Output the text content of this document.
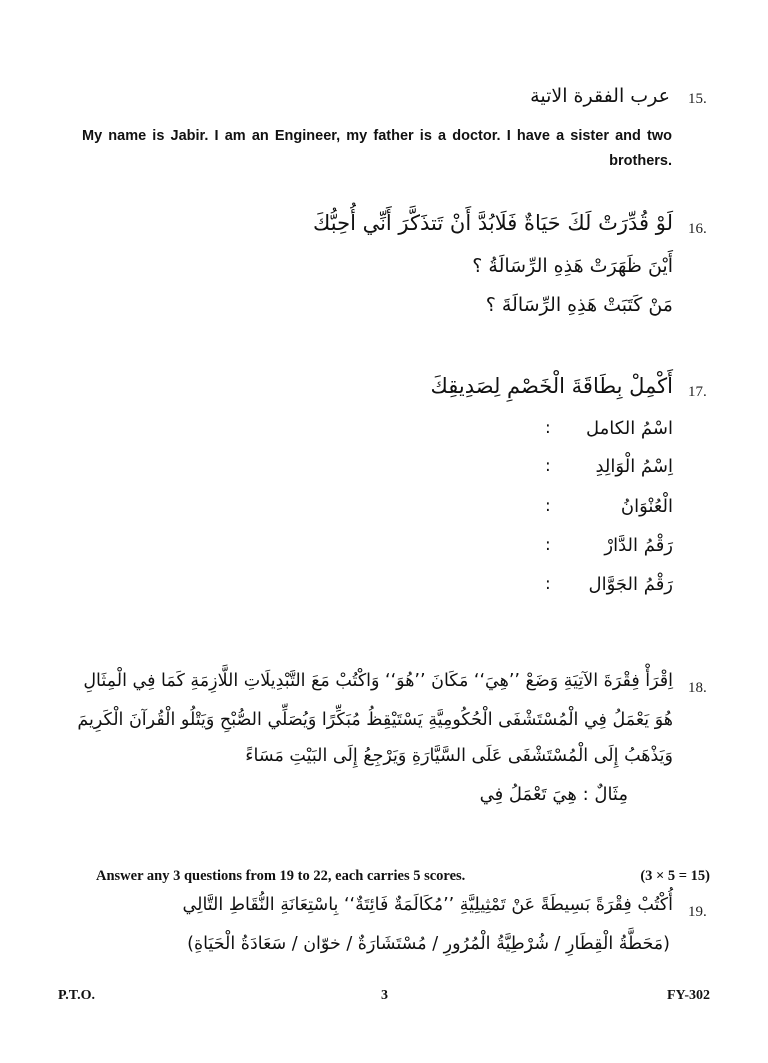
15.
عرب الفقرة الاتية
My name is Jabir. I am an Engineer, my father is a doctor. I have a sister and two brothers.
16.
لَوْ قُدِّرَتْ لَكَ حَيَاةٌ فَلَابُدَّ أَنْ تَتذَكَّرَ أَنِّي أُحِبُّكَ
أَيْنَ ظَهَرَتْ هَذِهِ الرِّسَالَةُ ؟
مَنْ كَتَبَتْ هَذِهِ الرِّسَالَةَ ؟
17.
أَكْمِلْ بِطَاقَةَ الْخَصْمِ لِصَدِيقِكَ
اسْمُ الكامل
:
اِسْمُ الْوَالِدِ
:
الْعُنْوَانُ
:
رَقْمُ الدَّارْ
:
رَقْمُ الجَوَّال
:
18.
اِقْرَأْ فِقْرَةَ الآتِيَةِ وَضَعْ ’’هِيَ‘‘ مَكَانَ ’’هُوَ‘‘ وَاكْتُبْ مَعَ التَّبْدِيلَاتِ اللَّازِمَةِ كَمَا فِي الْمِثَالِ
هُوَ يَعْمَلُ فِي الْمُسْتَشْفَى الْحُكُومِيَّةِ يَسْتَيْقِظُ مُبَكِّرًا وَيُصَلِّي الصُّبْحِ وَيَتْلُو الْقُرآنَ الْكَرِيمَ
وَيَذْهَبُ إِلَى الْمُسْتَشْفَى عَلَى السَّيَّارَةِ وَيَرْجِعُ إِلَى البَيْتِ مَسَاءً
مِثَالٌ : هِيَ تَعْمَلُ فِي
Answer any 3 questions from 19 to 22, each carries 5 scores.	(3 × 5 = 15)
19.
أُكْتُبْ فِقْرَةً بَسِيطَةً عَنْ تَمْثِيلِيَّةِ ’’مُكَالَمَةٌ فَائِتَةٌ‘‘ بِاسْتِعَانَةِ النُّقَاطِ التَّالِي
(مَحَطَّةُ الْقِطَارِ / شُرْطِيَّةُ الْمُرُورِ / مُسْتَشَارَةٌ / خوّان / سَعَادَةُ الْحَيَاةِ)
P.T.O.	3	FY-302
